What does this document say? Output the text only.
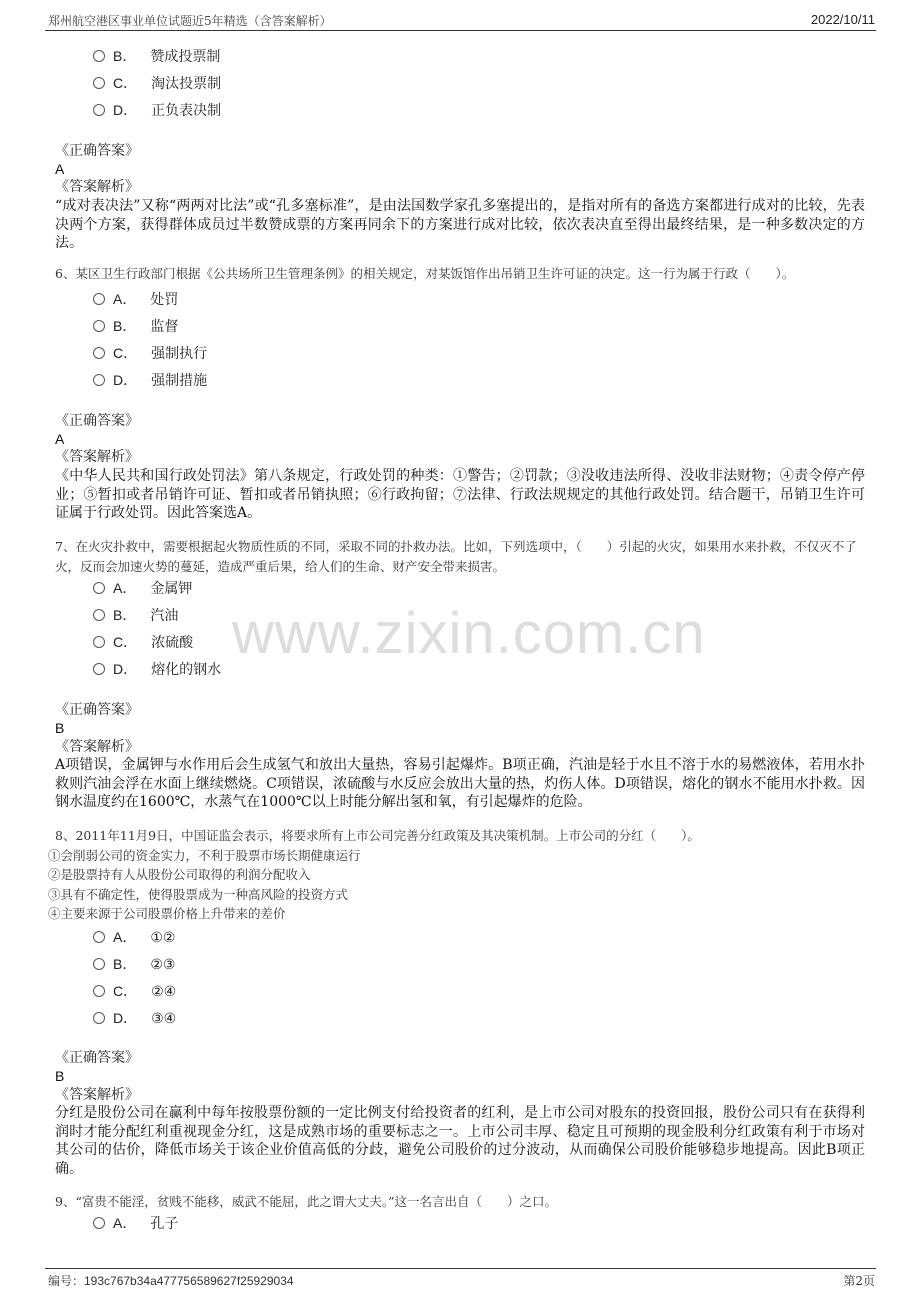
郑州航空港区事业单位试题近5年精选（含答案解析）	2022/10/11
www.zixin.com.cn
B． 赞成投票制
C． 淘汰投票制
D． 正负表决制
《正确答案》
A
《答案解析》
“成对表决法”又称“两两对比法”或“孔多塞标准”，是由法国数学家孔多塞提出的，是指对所有的备选方案都进行成对的比较，先表决两个方案，获得群体成员过半数赞成票的方案再同余下的方案进行成对比较，依次表决直至得出最终结果，是一种多数决定的方法。
6、某区卫生行政部门根据《公共场所卫生管理条例》的相关规定，对某饭馆作出吊销卫生许可证的决定。这一行为属于行政（　　）。
A． 处罚
B． 监督
C． 强制执行
D． 强制措施
《正确答案》
A
《答案解析》
《中华人民共和国行政处罚法》第八条规定，行政处罚的种类：①警告；②罚款；③没收违法所得、没收非法财物；④责令停产停业；⑤暂扣或者吊销许可证、暂扣或者吊销执照；⑥行政拘留；⑦法律、行政法规规定的其他行政处罚。结合题干，吊销卫生许可证属于行政处罚。因此答案选A。
7、在火灾扑救中，需要根据起火物质性质的不同，采取不同的扑救办法。比如，下列选项中，（　　）引起的火灾，如果用水来扑救，不仅灭不了火，反而会加速火势的蔓延，造成严重后果，给人们的生命、财产安全带来损害。
A． 金属钾
B． 汽油
C． 浓硫酸
D． 熔化的钢水
《正确答案》
B
《答案解析》
A项错误，金属钾与水作用后会生成氢气和放出大量热，容易引起爆炸。B项正确，汽油是轻于水且不溶于水的易燃液体，若用水扑救则汽油会浮在水面上继续燃烧。C项错误，浓硫酸与水反应会放出大量的热，灼伤人体。D项错误，熔化的钢水不能用水扑救。因钢水温度约在1600℃，水蒸气在1000℃以上时能分解出氢和氧，有引起爆炸的危险。
8、2011年11月9日，中国证监会表示，将要求所有上市公司完善分红政策及其决策机制。上市公司的分红（　　）。
①会削弱公司的资金实力，不利于股票市场长期健康运行
②是股票持有人从股份公司取得的利润分配收入
③具有不确定性，使得股票成为一种高风险的投资方式
④主要来源于公司股票价格上升带来的差价
A． ①②
B． ②③
C． ②④
D． ③④
《正确答案》
B
《答案解析》
分红是股份公司在赢利中每年按股票份额的一定比例支付给投资者的红利，是上市公司对股东的投资回报，股份公司只有在获得利润时才能分配红利重视现金分红，这是成熟市场的重要标志之一。上市公司丰厚、稳定且可预期的现金股利分红政策有利于市场对其公司的估价，降低市场关于该企业价值高低的分歧，避免公司股价的过分波动，从而确保公司股价能够稳步地提高。因此B项正确。
9、“富贵不能淫，贫贱不能移，威武不能屈，此之谓大丈夫。”这一名言出自（　　）之口。
A． 孔子
编号：193c767b34a477756589627f25929034	第2页
